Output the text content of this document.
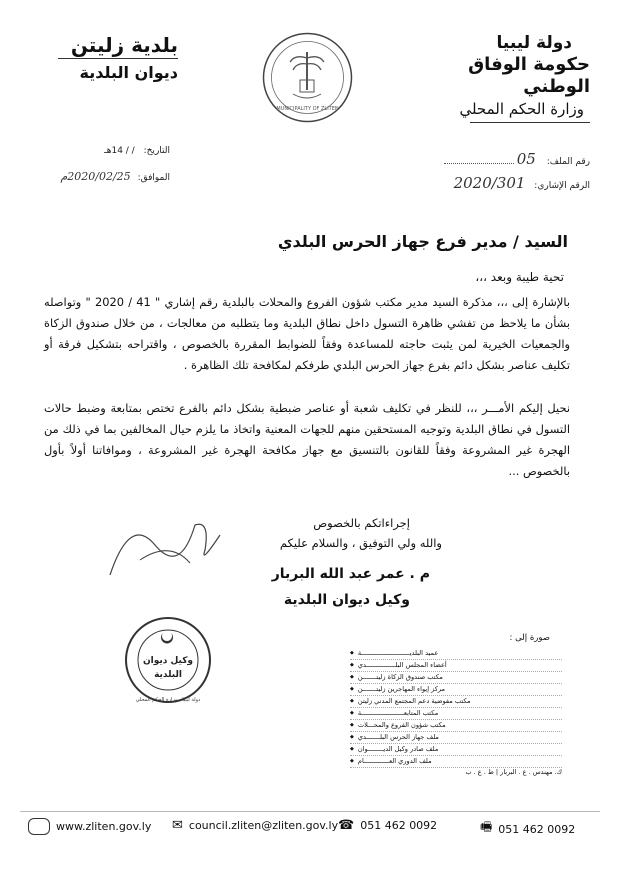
دولة ليبيا
حكومة الوفاق الوطني
وزارة الحكم المحلي
بلدية زليتن
ديوان البلدية
MUNICIPALITY OF ZLITEN
رقم الملف: 05
الرقم الإشاري: 2020/301
التاريخ: / / 14هـ
الموافق: 2020/02/25م
السيد / مدير فرع جهاز الحرس البلدي
تحية طيبة وبعد ،،،
بالإشارة إلى ،،، مذكرة السيد مدير مكتب شؤون الفروع والمحلات بالبلدية رقم إشاري " 41 / 2020 " وتواصله بشأن ما يلاحظ من تفشي ظاهرة التسول داخل نطاق البلدية وما يتطلبه من معالجات ، من خلال صندوق الزكاة والجمعيات الخيرية لمن يثبت حاجته للمساعدة وفقاً للضوابط المقررة بالخصوص ، واقتراحه بتشكيل فرقة أو تكليف عناصر بشكل دائم بفرع جهاز الحرس البلدي طرفكم لمكافحة تلك الظاهرة .
نحيل إليكم الأمـــر ،،، للنظر في تكليف شعبة أو عناصر ضبطية بشكل دائم بالفرع تختص بمتابعة وضبط حالات التسول في نطاق البلدية وتوجيه المستحقين منهم للجهات المعنية واتخاذ ما يلزم حيال المخالفين بما في ذلك من الهجرة غير المشروعة وفقاً للقانون بالتنسيق مع جهاز مكافحة الهجرة غير المشروعة ، وموافاتنا أولاً بأول بالخصوص ...
إجراءاتكم بالخصوص
والله ولي التوفيق ، والسلام عليكم
م . عمر عبد الله البربار
وكيل ديوان البلدية
وكيل ديوان
البلدية
دولة ليبيا - وزارة الحكم المحلي
صورة إلى :
عميد البلديـــــــــــــــــــــــــة
◆
أعضاء المجلس البلـــــــــــــــدي
◆
مكتب صندوق الزكاة زليتـــــــن
◆
مركز إيواء المهاجرين زليتـــــــن
◆
مكتب مفوضية دعم المجتمع المدني زليتن
◆
مكتب المتابعــــــــــــــــــــــة
◆
مكتب شؤون الفروع والمحـــلات
◆
ملف جهاز الحرس البلـــــــدي
◆
ملف صادر وكيل الديــــــــوان
◆
ملف الدوري العـــــــــــــام
◆
ك. مهندس . ع . البربار | ط . ع . ب
www.zliten.gov.ly ✉ council.zliten@zliten.gov.ly ☎ 051 462 0092	🖷 051 462 0092
